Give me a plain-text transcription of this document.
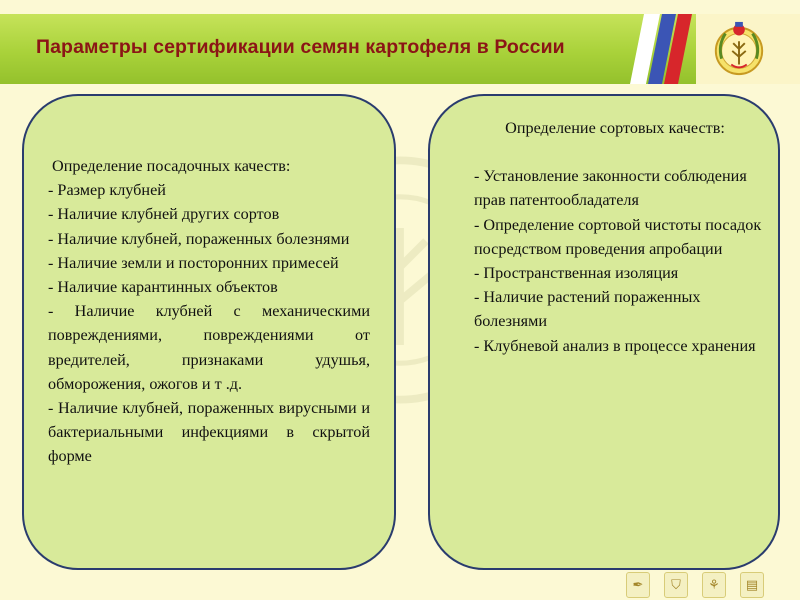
Параметры сертификации семян картофеля в России
Определение посадочных качеств:
- Размер клубней
- Наличие клубней других сортов
- Наличие клубней, пораженных болезнями
- Наличие земли и посторонних примесей
- Наличие карантинных объектов
- Наличие клубней с механическими повреждениями, повреждениями от вредителей, признаками удушья, обморожения, ожогов и т .д.
- Наличие клубней, пораженных вирусными и бактериальными инфекциями в скрытой форме
Определение сортовых качеств:
- Установление законности соблюдения прав патентообладателя
- Определение сортовой чистоты посадок посредством проведения апробации
- Пространственная изоляция
- Наличие растений пораженных болезнями
- Клубневой анализ в процессе хранения
✒	⛉	⚘	▤
